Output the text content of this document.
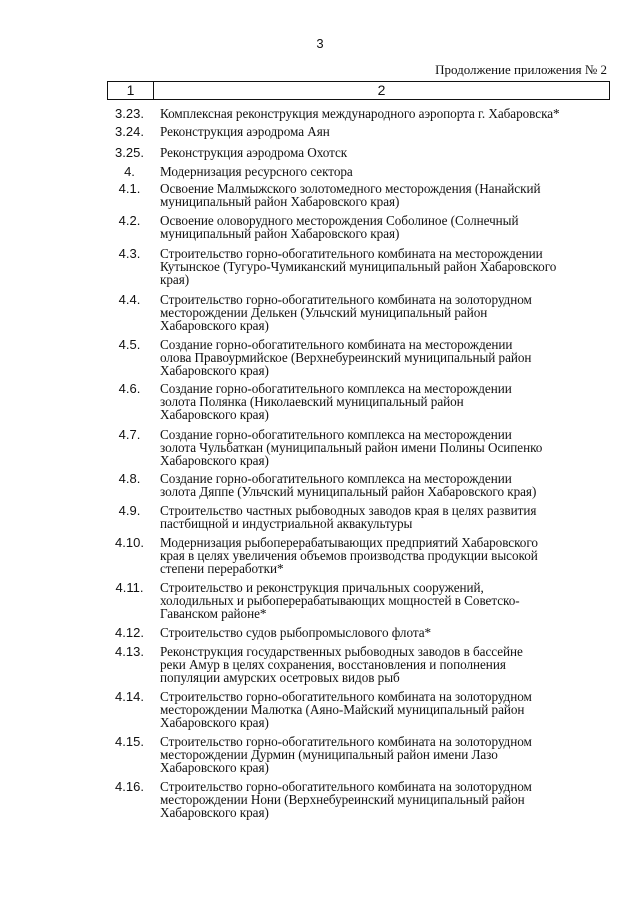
3
Продолжение приложения № 2
1	2
3.23.	Комплексная реконструкция международного аэропорта г. Хабаровска*
3.24.	Реконструкция аэродрома Аян
3.25.	Реконструкция аэродрома Охотск
4.	Модернизация ресурсного сектора
4.1.	Освоение Малмыжского золотомедного месторождения (Нанайский
муниципальный район Хабаровского края)
4.2.	Освоение оловорудного месторождения Соболиное (Солнечный
муниципальный район Хабаровского края)
4.3.	Строительство горно-обогатительного комбината на месторождении
Кутынское (Тугуро-Чумиканский муниципальный район Хабаровского
края)
4.4.	Строительство горно-обогатительного комбината на золоторудном
месторождении Делькен (Ульчский муниципальный район
Хабаровского края)
4.5.	Создание горно-обогатительного комбината на месторождении
олова Правоурмийское (Верхнебуреинский муниципальный район
Хабаровского края)
4.6.	Создание горно-обогатительного комплекса на месторождении
золота Полянка (Николаевский муниципальный район
Хабаровского края)
4.7.	Создание горно-обогатительного комплекса на месторождении
золота Чульбаткан (муниципальный район имени Полины Осипенко
Хабаровского края)
4.8.	Создание горно-обогатительного комплекса на месторождении
золота Дяппе (Ульчский муниципальный район Хабаровского края)
4.9.	Строительство частных рыбоводных заводов края в целях развития
пастбищной и индустриальной аквакультуры
4.10.	Модернизация рыбоперерабатывающих предприятий Хабаровского
края в целях увеличения объемов производства продукции высокой
степени переработки*
4.11.	Строительство и реконструкция причальных сооружений,
холодильных и рыбоперерабатывающих мощностей в Советско-
Гаванском районе*
4.12.	Строительство судов рыбопромыслового флота*
4.13.	Реконструкция государственных рыбоводных заводов в бассейне
реки Амур в целях сохранения, восстановления и пополнения
популяции амурских осетровых видов рыб
4.14.	Строительство горно-обогатительного комбината на золоторудном
месторождении Малютка (Аяно-Майский муниципальный район
Хабаровского края)
4.15.	Строительство горно-обогатительного комбината на золоторудном
месторождении Дурмин (муниципальный район имени Лазо
Хабаровского края)
4.16.	Строительство горно-обогатительного комбината на золоторудном
месторождении Нони (Верхнебуреинский муниципальный район
Хабаровского края)
